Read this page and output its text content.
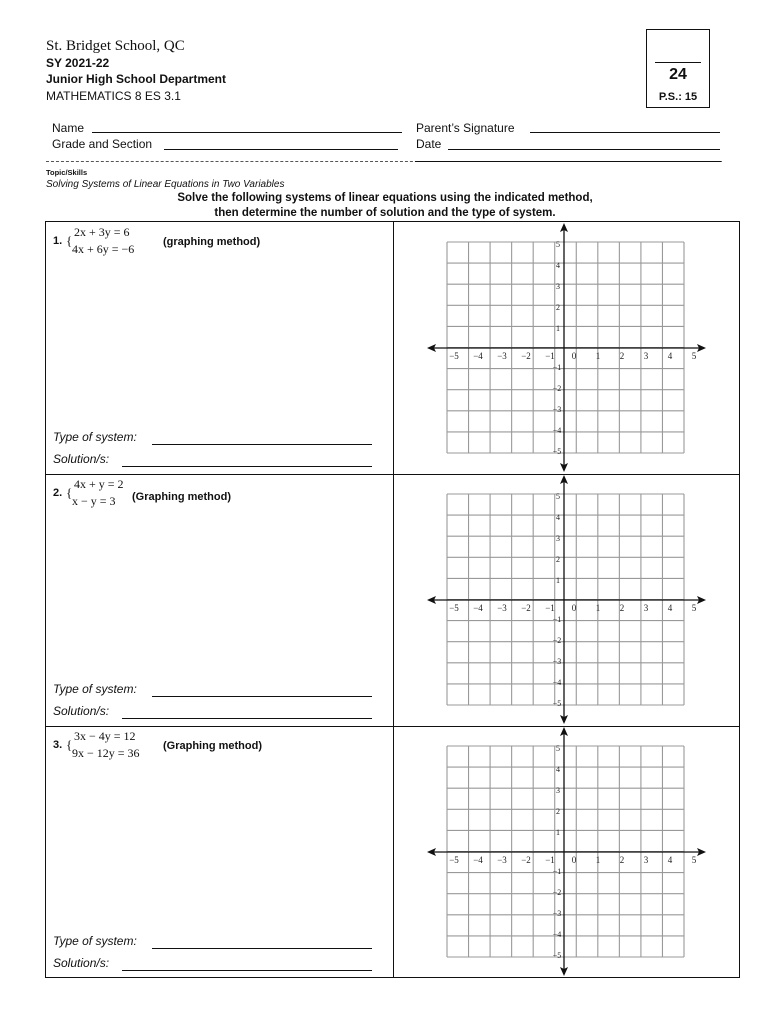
St. Bridget School, QC
SY 2021-22
Junior High School Department
MATHEMATICS 8 ES 3.1
24
P.S.: 15
Name
Grade and Section
Parent’s Signature
Date
Topic/Skills
Solving Systems of Linear Equations in Two Variables
Solve the following systems of linear equations using the indicated method,
then determine the number of solution and the type of system.
1. {
2x + 3y = 6
4x + 6y = −6	(graphing method)
Type of system:
Solution/s:
2. {
4x + y = 2
x − y = 3 (Graphing method)
Type of system:
Solution/s:
3. {
3x − 4y = 12
9x − 12y = 36 (Graphing method)
Type of system:
Solution/s:
−5 −4 −3 −2 −1 0 1 2 3 4 5
5
4
3
2
1
−1
−2
−3
−4
−5
−5 −4 −3 −2 −1 0 1 2 3 4 5
5
4
3
2
1
−1
−2
−3
−4
−5
−5 −4 −3 −2 −1 0 1 2 3 4 5
5
4
3
2
1
−1
−2
−3
−4
−5
